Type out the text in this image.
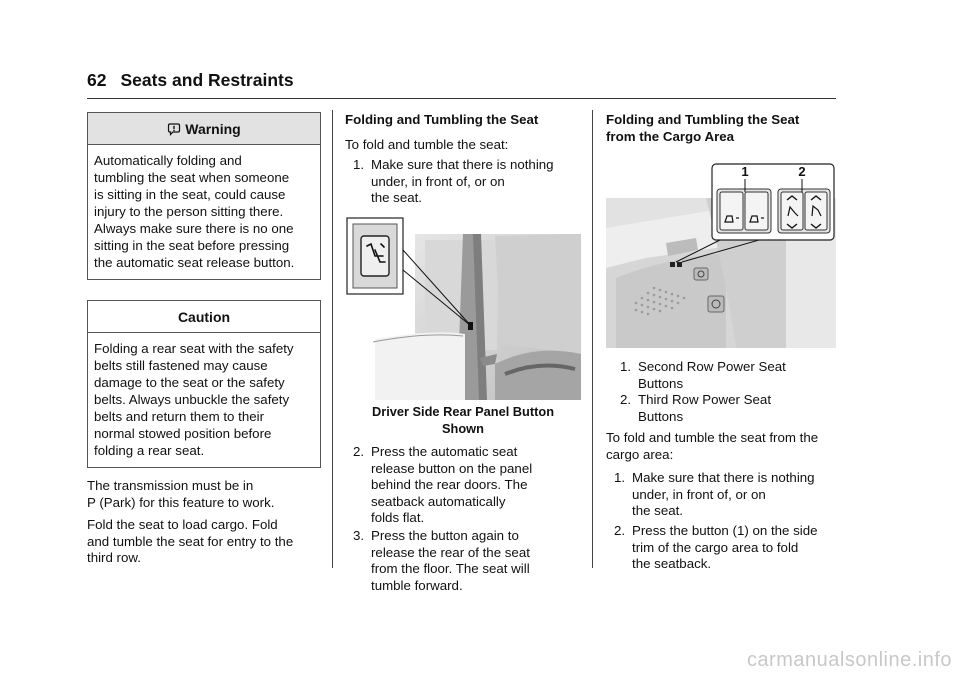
62 Seats and Restraints
Warning
Automatically folding and
tumbling the seat when someone
is sitting in the seat, could cause
injury to the person sitting there.
Always make sure there is no one
sitting in the seat before pressing
the automatic seat release button.
Caution
Folding a rear seat with the safety
belts still fastened may cause
damage to the seat or the safety
belts. Always unbuckle the safety
belts and return them to their
normal stowed position before
folding a rear seat.
The transmission must be in
P (Park) for this feature to work.
Fold the seat to load cargo. Fold
and tumble the seat for entry to the
third row.
Folding and Tumbling the Seat
To fold and tumble the seat:
1. Make sure that there is nothing
under, in front of, or on
the seat.
Driver Side Rear Panel Button
Shown
2. Press the automatic seat
release button on the panel
behind the rear doors. The
seatback automatically
folds flat.
3. Press the button again to
release the rear of the seat
from the floor. The seat will
tumble forward.
Folding and Tumbling the Seat
from the Cargo Area
1	2
1. Second Row Power Seat
Buttons
2. Third Row Power Seat
Buttons
To fold and tumble the seat from the
cargo area:
1. Make sure that there is nothing
under, in front of, or on
the seat.
2. Press the button (1) on the side
trim of the cargo area to fold
the seatback.
carmanualsonline.info
